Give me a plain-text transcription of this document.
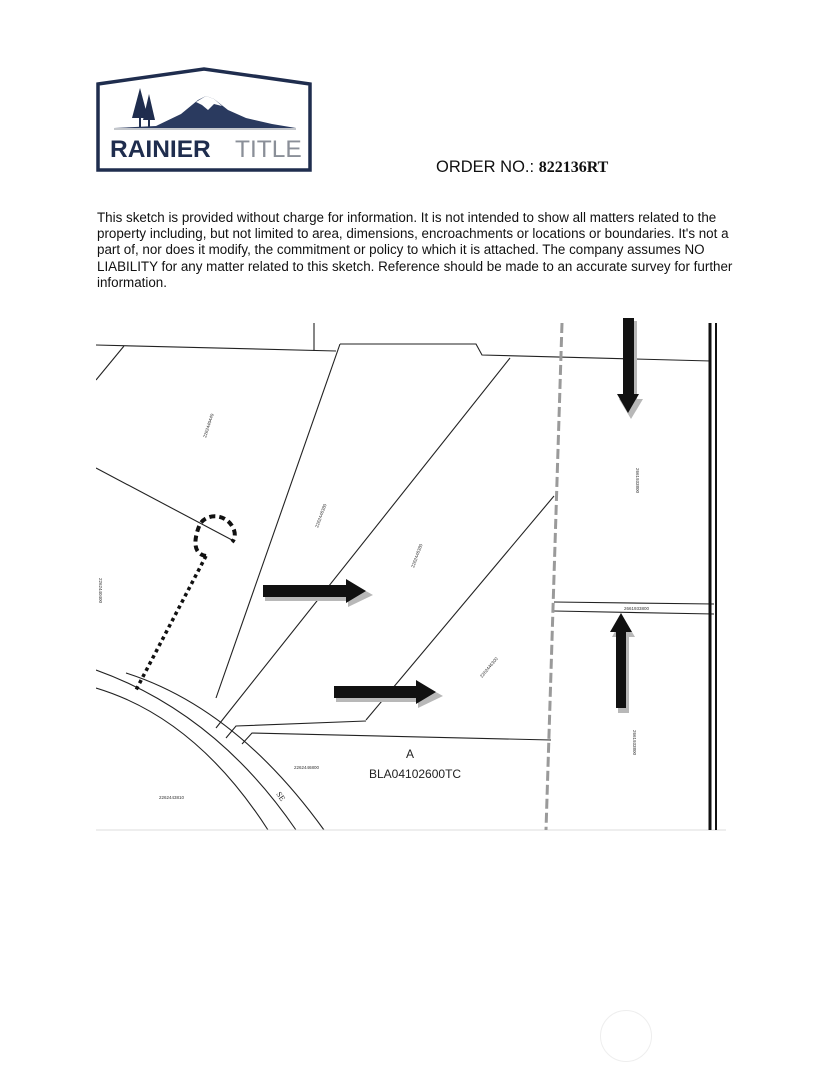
RAINIER TITLE
ORDER NO.: 822136RT
This sketch is provided without charge for information. It is not intended to show all matters related to the property including, but not limited to area, dimensions, encroachments or locations or boundaries. It's not a part of, nor does it modify, the commitment or policy to which it is attached. The company assumes NO LIABILITY for any matter related to this sketch. Reference should be made to an accurate survey for further information.
2262440440
2262446380
2262446380
2262446300
2262440400
2661933800
2661933800
2661933800
2262446800
2262443810
A
BLA04102600TC
SE
